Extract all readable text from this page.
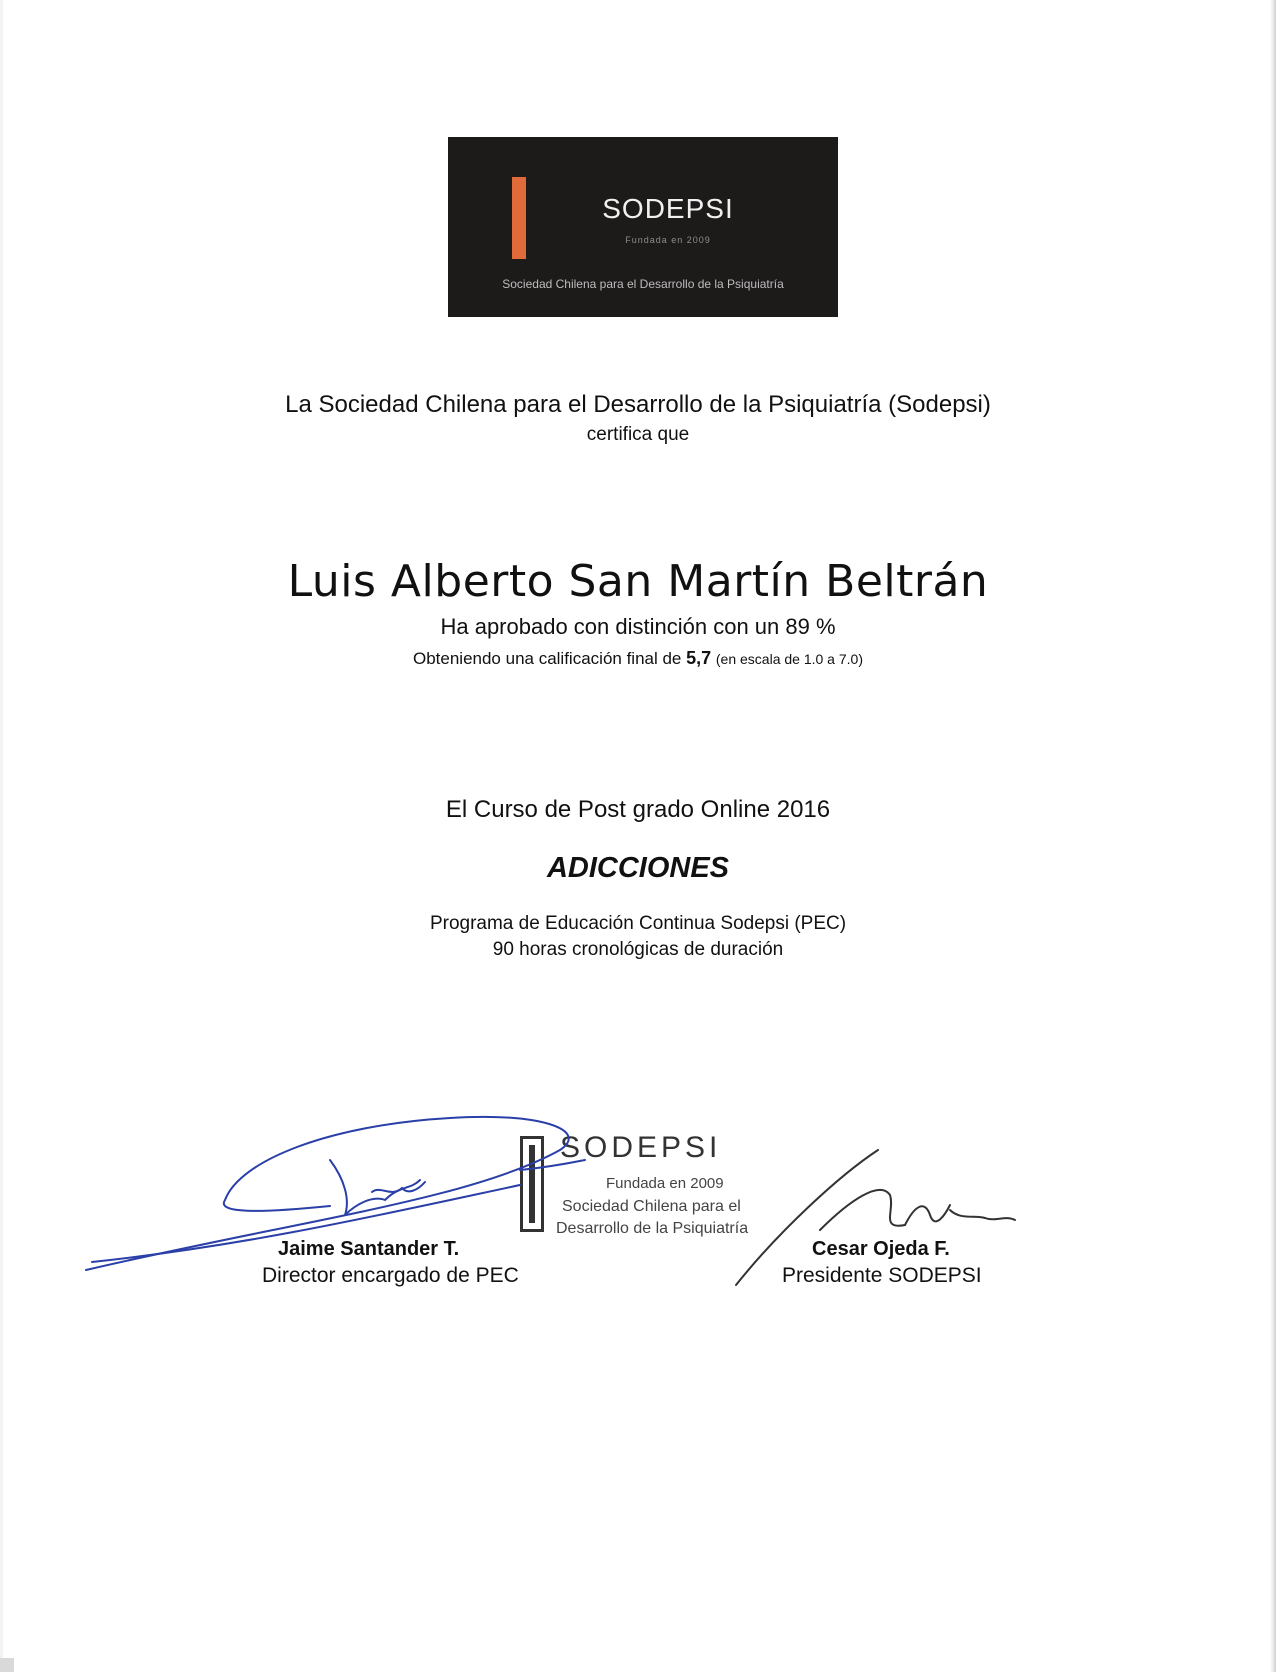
SODEPSI
Fundada en 2009
Sociedad Chilena para el Desarrollo de la Psiquiatría
La Sociedad Chilena para el Desarrollo de la Psiquiatría (Sodepsi)
certifica que
Luis Alberto San Martín Beltrán
Ha aprobado con distinción con un 89 %
Obteniendo una calificación final de 5,7 (en escala de 1.0 a 7.0)
El Curso de Post grado Online 2016
ADICCIONES
Programa de Educación Continua Sodepsi (PEC)
90 horas cronológicas de duración
SODEPSI
Fundada en 2009
Sociedad Chilena para el
Desarrollo de la Psiquiatría
Jaime Santander T.
Director encargado de PEC
Cesar Ojeda F.
Presidente SODEPSI
